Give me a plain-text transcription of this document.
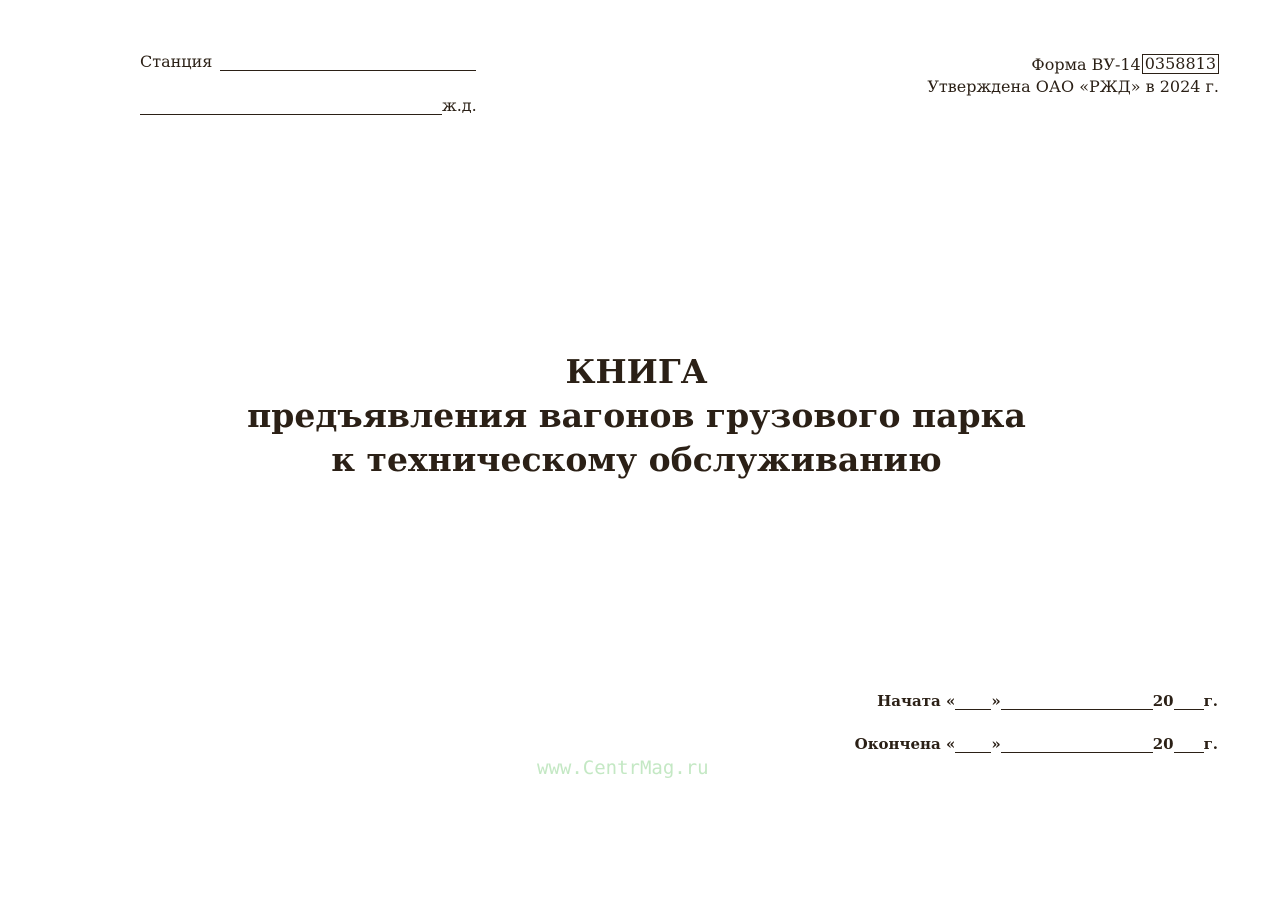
Станция
ж.д.
Форма ВУ-14 0358813
Утверждена ОАО «РЖД» в 2024 г.
КНИГА
предъявления вагонов грузового парка
к техническому обслуживанию
Начата « »	20 г.
Окончена « »	20 г.
www.CentrMag.ru
